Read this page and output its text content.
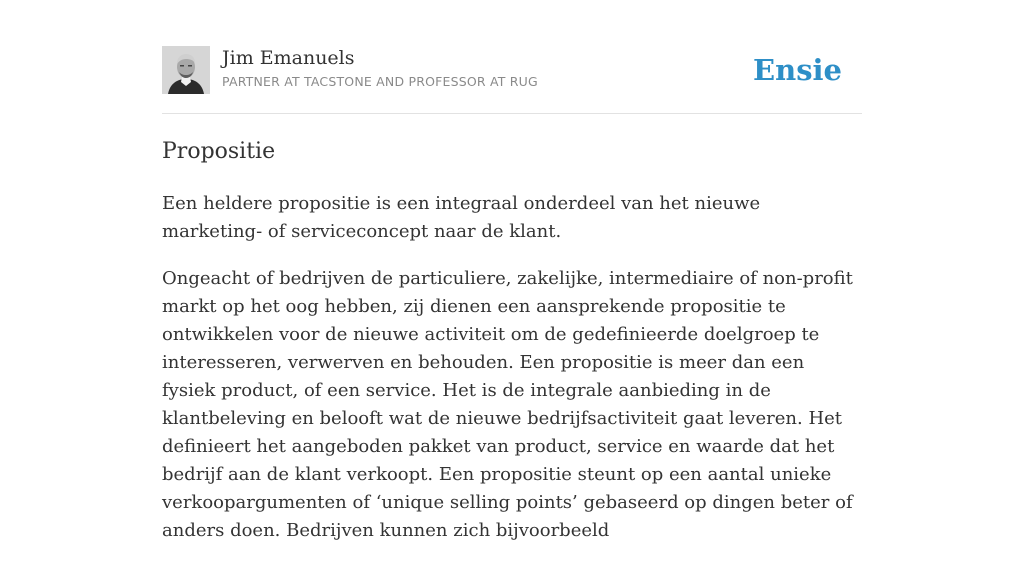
Jim Emanuels
PARTNER AT TACSTONE AND PROFESSOR AT RUG	Ensie
Propositie

Een heldere propositie is een integraal onderdeel van het nieuwe marketing- of serviceconcept naar de klant.

Ongeacht of bedrijven de particuliere, zakelijke, intermediaire of non-profit markt op het oog hebben, zij dienen een aansprekende propositie te ontwikkelen voor de nieuwe activiteit om de gedefinieerde doelgroep te interesseren, verwerven en behouden. Een propositie is meer dan een fysiek product, of een service. Het is de integrale aanbieding in de klantbeleving en belooft wat de nieuwe bedrijfsactiviteit gaat leveren. Het definieert het aangeboden pakket van product, service en waarde dat het bedrijf aan de klant verkoopt. Een propositie steunt op een aantal unieke verkoopargumenten of ‘unique selling points’ gebaseerd op dingen beter of anders doen. Bedrijven kunnen zich bijvoorbeeld
